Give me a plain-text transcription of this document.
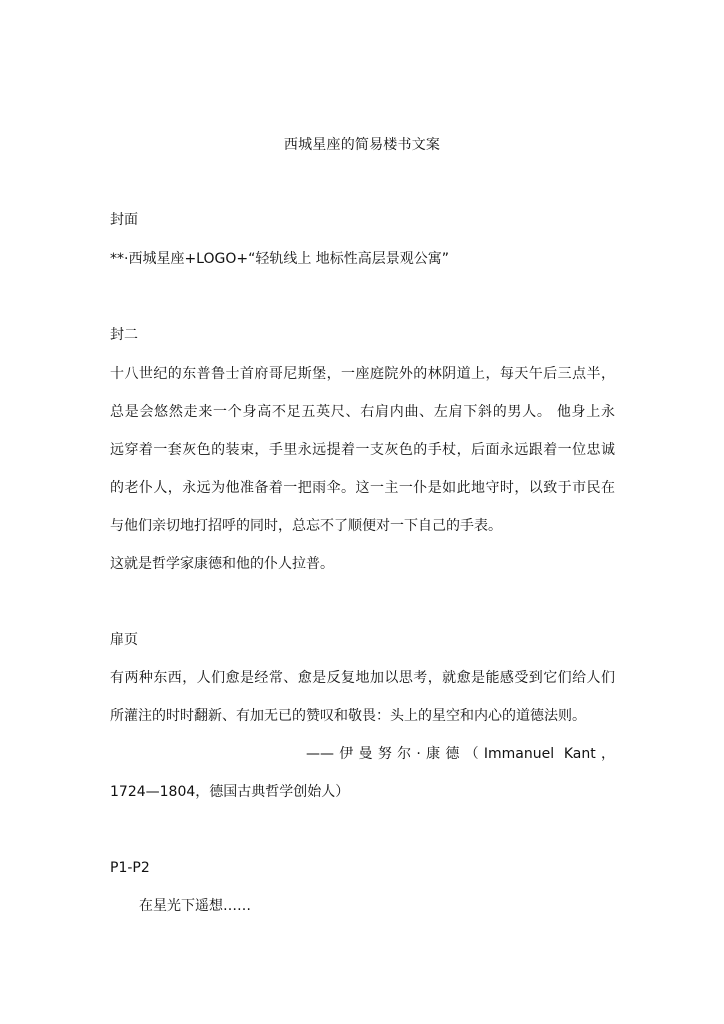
西城星座的简易楼书文案
封面
**·西城星座+LOGO+“轻轨线上 地标性高层景观公寓”
封二
十八世纪的东普鲁士首府哥尼斯堡，一座庭院外的林阴道上，每天午后三点半，
总是会悠然走来一个身高不足五英尺、右肩内曲、左肩下斜的男人。 他身上永
远穿着一套灰色的装束，手里永远提着一支灰色的手杖，后面永远跟着一位忠诚
的老仆人，永远为他准备着一把雨伞。这一主一仆是如此地守时，以致于市民在
与他们亲切地打招呼的同时，总忘不了顺便对一下自己的手表。
这就是哲学家康德和他的仆人拉普。
扉页
有两种东西，人们愈是经常、愈是反复地加以思考，就愈是能感受到它们给人们
所灌注的时时翻新、有加无已的赞叹和敬畏：头上的星空和内心的道德法则。
——伊曼努尔·康德（Immanuel Kant，
1724—1804，德国古典哲学创始人）
P1-P2
在星光下遥想……
